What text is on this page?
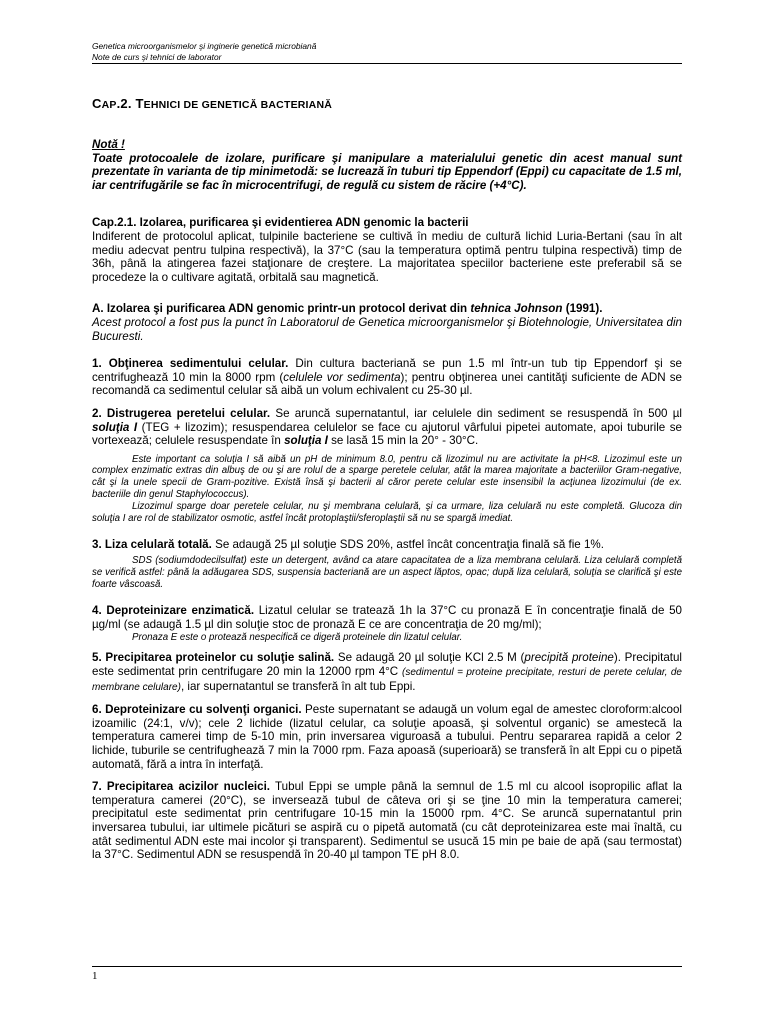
Genetica microorganismelor şi inginerie genetică microbiană
Note de curs şi tehnici de laborator
CAP.2. TEHNICI DE GENETICĂ BACTERIANĂ

Notă !

Toate protocoalele de izolare, purificare şi manipulare a materialului genetic din acest manual sunt prezentate în varianta de tip minimetodă: se lucrează în tuburi tip Eppendorf (Eppi) cu capacitate de 1.5 ml, iar centrifugările se fac în microcentrifugi, de regulă cu sistem de răcire (+4°C).

Cap.2.1. Izolarea, purificarea şi evidentierea ADN genomic la bacterii

Indiferent de protocolul aplicat, tulpinile bacteriene se cultivă în mediu de cultură lichid Luria-Bertani (sau în alt mediu adecvat pentru tulpina respectivă), la 37°C (sau la temperatura optimă pentru tulpina respectivă) timp de 36h, până la atingerea fazei staţionare de creştere. La majoritatea speciilor bacteriene este preferabil să se procedeze la o cultivare agitată, orbitală sau magnetică.

A. Izolarea şi purificarea ADN genomic printr-un protocol derivat din tehnica Johnson (1991).

Acest protocol a fost pus la punct în Laboratorul de Genetica microorganismelor şi Biotehnologie, Universitatea din Bucuresti.

1. Obţinerea sedimentului celular. Din cultura bacteriană se pun 1.5 ml într-un tub tip Eppendorf şi se centrifughează 10 min la 8000 rpm (celulele vor sedimenta); pentru obţinerea unei cantităţi suficiente de ADN se recomandă ca sedimentul celular să aibă un volum echivalent cu 25-30 µl.

2. Distrugerea peretelui celular. Se aruncă supernatantul, iar celulele din sediment se resuspendă în 500 µl soluţia I (TEG + lizozim); resuspendarea celulelor se face cu ajutorul vârfului pipetei automate, apoi tuburile se vortexează; celulele resuspendate în soluţia I se lasă 15 min la 20° - 30°C.

Este important ca soluţia I să aibă un pH de minimum 8.0, pentru că lizozimul nu are activitate la pH<8. Lizozimul este un complex enzimatic extras din albuş de ou şi are rolul de a sparge peretele celular, atât la marea majoritate a bacteriilor Gram-negative, cât şi la unele specii de Gram-pozitive. Există însă şi bacterii al căror perete celular este insensibil la acţiunea lizozimului (de ex. bacteriile din genul Staphylococcus).

Lizozimul sparge doar peretele celular, nu şi membrana celulară, şi ca urmare, liza celulară nu este completă. Glucoza din soluţia I are rol de stabilizator osmotic, astfel încât protoplaştii/sferoplaştii să nu se spargă imediat.

3. Liza celulară totală. Se adaugă 25 µl soluţie SDS 20%, astfel încât concentraţia finală să fie 1%.

SDS (sodiumdodecilsulfat) este un detergent, având ca atare capacitatea de a liza membrana celulară. Liza celulară completă se verifică astfel: până la adăugarea SDS, suspensia bacteriană are un aspect lăptos, opac; după liza celulară, soluţia se clarifică şi este foarte vâscoasă.

4. Deproteinizare enzimatică. Lizatul celular se tratează 1h la 37°C cu pronază E în concentraţie finală de 50 µg/ml (se adaugă 1.5 µl din soluţie stoc de pronază E ce are concentraţia de 20 mg/ml);

Pronaza E este o protează nespecifică ce digeră proteinele din lizatul celular.

5. Precipitarea proteinelor cu soluţie salină. Se adaugă 20 µl soluţie KCl 2.5 M (precipită proteine). Precipitatul este sedimentat prin centrifugare 20 min la 12000 rpm 4°C (sedimentul = proteine precipitate, resturi de perete celular, de membrane celulare), iar supernatantul se transferă în alt tub Eppi.

6. Deproteinizare cu solvenţi organici. Peste supernatant se adaugă un volum egal de amestec cloroform:alcool izoamilic (24:1, v/v); cele 2 lichide (lizatul celular, ca soluţie apoasă, şi solventul organic) se amestecă la temperatura camerei timp de 5-10 min, prin inversarea viguroasă a tubului. Pentru separarea rapidă a celor 2 lichide, tuburile se centrifughează 7 min la 7000 rpm. Faza apoasă (superioară) se transferă în alt Eppi cu o pipetă automată, fără a intra în interfaţă.

7. Precipitarea acizilor nucleici. Tubul Eppi se umple până la semnul de 1.5 ml cu alcool isopropilic aflat la temperatura camerei (20°C), se inversează tubul de câteva ori şi se ţine 10 min la temperatura camerei; precipitatul este sedimentat prin centrifugare 10-15 min la 15000 rpm. 4°C. Se aruncă supernatantul prin inversarea tubului, iar ultimele picături se aspiră cu o pipetă automată (cu cât deproteinizarea este mai înaltă, cu atât sedimentul ADN este mai incolor şi transparent). Sedimentul se usucă 15 min pe baie de apă (sau termostat) la 37°C. Sedimentul ADN se resuspendă în 20-40 µl tampon TE pH 8.0.

1
